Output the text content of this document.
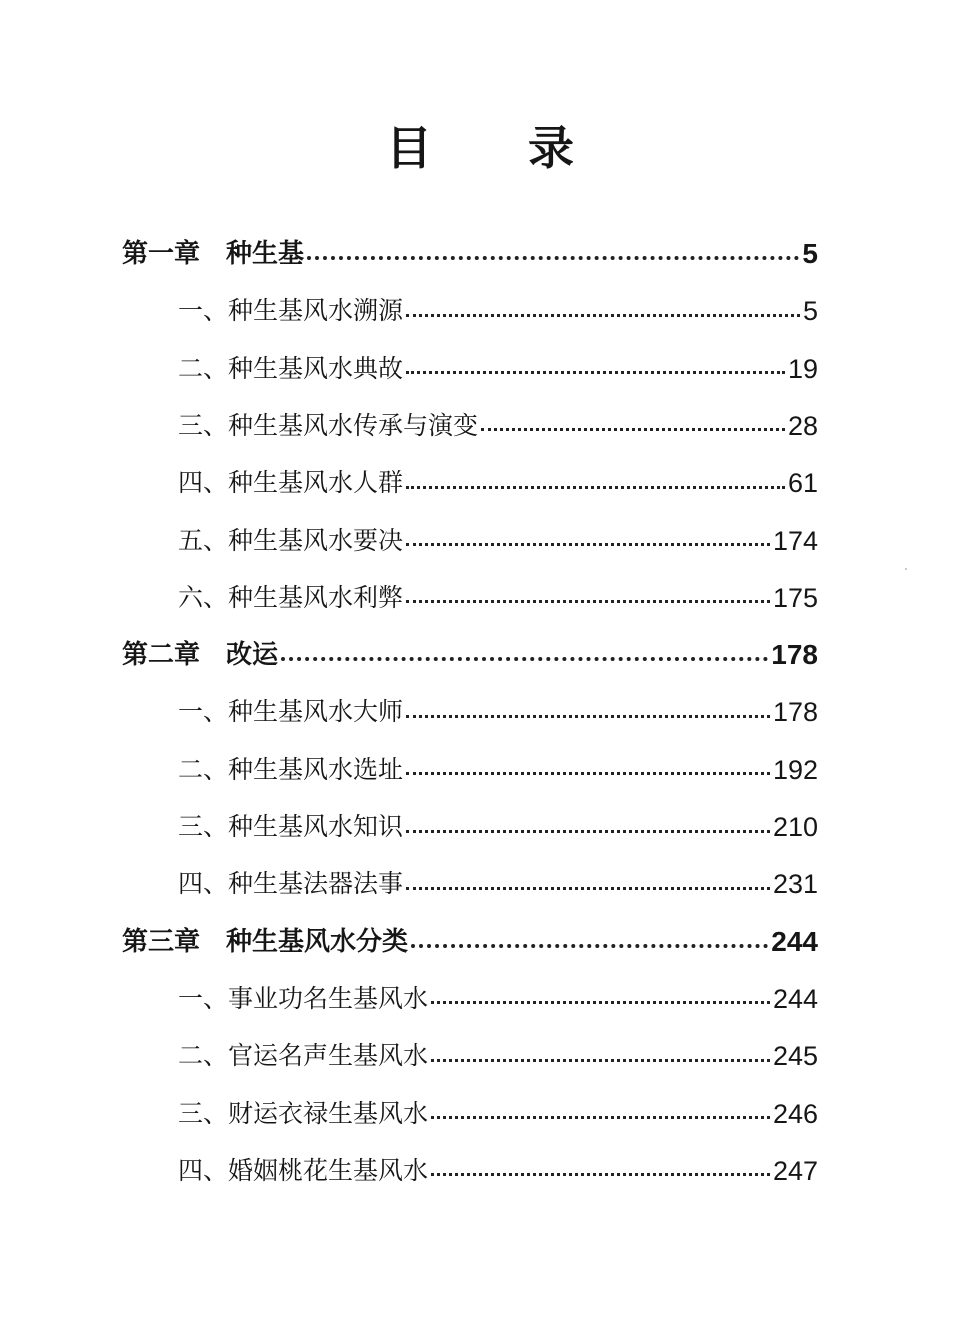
目 录
第一章 种生基	5
一、种生基风水溯源	5
二、种生基风水典故	19
三、种生基风水传承与演变	28
四、种生基风水人群	61
五、种生基风水要决	174
六、种生基风水利弊	175
第二章 改运	178
一、种生基风水大师	178
二、种生基风水选址	192
三、种生基风水知识	210
四、种生基法器法事	231
第三章 种生基风水分类	244
一、事业功名生基风水	244
二、官运名声生基风水	245
三、财运衣禄生基风水	246
四、婚姻桃花生基风水	247
